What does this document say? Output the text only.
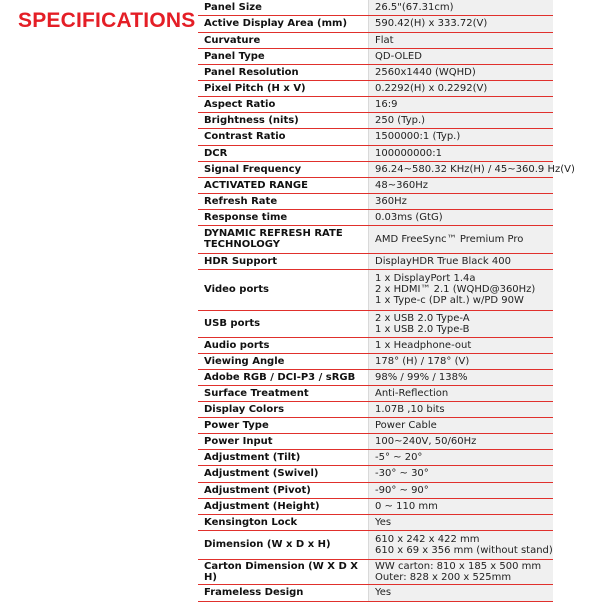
SPECIFICATIONS
Panel Size	26.5"(67.31cm)

Active Display Area (mm)	590.42(H) x 333.72(V)

Curvature	Flat

Panel Type	QD-OLED

Panel Resolution	2560x1440 (WQHD)

Pixel Pitch (H x V)	0.2292(H) x 0.2292(V)

Aspect Ratio	16:9

Brightness (nits)	250 (Typ.)

Contrast Ratio	1500000:1 (Typ.)

DCR	100000000:1

Signal Frequency	96.24~580.32 KHz(H) / 45~360.9 Hz(V)

ACTIVATED RANGE	48~360Hz

Refresh Rate	360Hz

Response time	0.03ms (GtG)

DYNAMIC REFRESH RATE TECHNOLOGY	AMD FreeSync™ Premium Pro

HDR Support	DisplayHDR True Black 400

Video ports	1 x DisplayPort 1.4a
2 x HDMI™ 2.1 (WQHD@360Hz)
1 x Type-c (DP alt.) w/PD 90W

USB ports	2 x USB 2.0 Type-A
1 x USB 2.0 Type-B

Audio ports	1 x Headphone-out

Viewing Angle	178° (H) / 178° (V)

Adobe RGB / DCI-P3 / sRGB	98% / 99% / 138%

Surface Treatment	Anti-Reflection

Display Colors	1.07B ,10 bits

Power Type	Power Cable

Power Input	100~240V, 50/60Hz

Adjustment (Tilt)	-5° ~ 20°

Adjustment (Swivel)	-30° ~ 30°

Adjustment (Pivot)	-90° ~ 90°

Adjustment (Height)	0 ~ 110 mm

Kensington Lock	Yes

Dimension (W x D x H)	610 x 242 x 422 mm
610 x 69 x 356 mm (without stand)

Carton Dimension (W X D X H)	WW carton: 810 x 185 x 500 mm
Outer: 828 x 200 x 525mm

Frameless Design	Yes
